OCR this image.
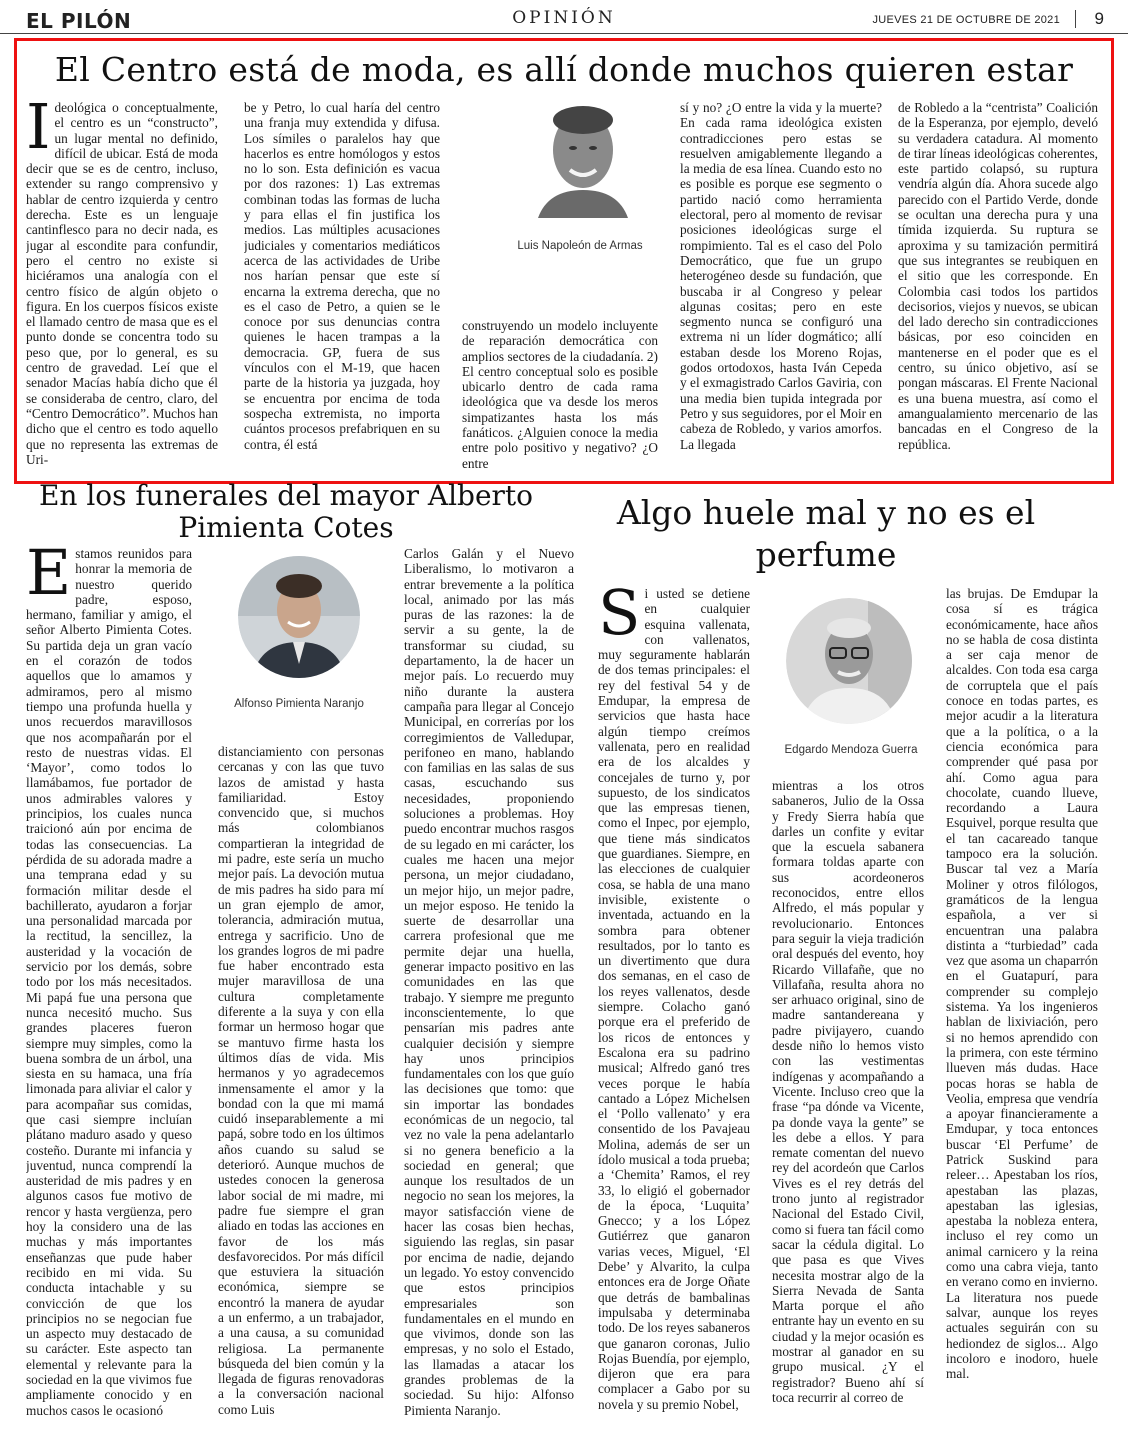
EL PILÓN	OPINIÓN	JUEVES 21 DE OCTUBRE DE 2021 9
El Centro está de moda, es allí donde muchos quieren estar
I deológica o conceptualmente, el centro es un “constructo”, un lugar mental no definido, difícil de ubicar. Está de moda decir que se es de centro, incluso, extender su rango comprensivo y hablar de centro izquierda y centro derecha. Este es un lenguaje cantinflesco para no decir nada, es jugar al escondite para confundir, pero el centro no existe si hiciéramos una analogía con el centro físico de algún objeto o figura. En los cuerpos físicos existe el llamado centro de masa que es el punto donde se concentra todo su peso que, por lo general, es su centro de gravedad. Leí que el senador Macías había dicho que él se consideraba de centro, claro, del “Centro Democrático”. Muchos han dicho que el centro es todo aquello que no representa las extremas de Uri-

be y Petro, lo cual haría del centro una franja muy extendida y difusa. Los símiles o paralelos hay que hacerlos es entre homólogos y estos no lo son. Esta definición es vacua por dos razones: 1) Las extremas combinan todas las formas de lucha y para ellas el fin justifica los medios. Las múltiples acusaciones judiciales y comentarios mediáticos acerca de las actividades de Uribe nos harían pensar que este sí encarna la extrema derecha, que no es el caso de Petro, a quien se le conoce por sus denuncias contra quienes le hacen trampas a la democracia. GP, fuera de sus vínculos con el M-19, que hacen parte de la historia ya juzgada, hoy se encuentra por encima de toda sospecha extremista, no importa cuántos procesos prefabriquen en su contra, él está

Luis Napoleón de Armas

construyendo un modelo incluyente de reparación democrática con amplios sectores de la ciudadanía. 2) El centro conceptual solo es posible ubicarlo dentro de cada rama ideológica que va desde los meros simpatizantes hasta los más fanáticos. ¿Alguien conoce la media entre polo positivo y negativo? ¿O entre

sí y no? ¿O entre la vida y la muerte? En cada rama ideológica existen contradicciones pero estas se resuelven amigablemente llegando a la media de esa línea. Cuando esto no es posible es porque ese segmento o partido nació como herramienta electoral, pero al momento de revisar posiciones ideológicas surge el rompimiento. Tal es el caso del Polo Democrático, que fue un grupo heterogéneo desde su fundación, que buscaba ir al Congreso y pelear algunas cositas; pero en este segmento nunca se configuró una extrema ni un líder dogmático; allí estaban desde los Moreno Rojas, godos ortodoxos, hasta Iván Cepeda y el exmagistrado Carlos Gaviria, con una media bien tupida integrada por Petro y sus seguidores, por el Moir en cabeza de Robledo, y varios amorfos. La llegada

de Robledo a la “centrista” Coalición de la Esperanza, por ejemplo, develó su verdadera catadura. Al momento de tirar líneas ideológicas coherentes, este partido colapsó, su ruptura vendría algún día. Ahora sucede algo parecido con el Partido Verde, donde se ocultan una derecha pura y una tímida izquierda. Su ruptura se aproxima y su tamización permitirá que sus integrantes se reubiquen en el sitio que les corresponde. En Colombia casi todos los partidos decisorios, viejos y nuevos, se ubican del lado derecho sin contradicciones básicas, por eso coinciden en mantenerse en el poder que es el centro, su único objetivo, así se pongan máscaras. El Frente Nacional es una buena muestra, así como el amangualamiento mercenario de las bancadas en el Congreso de la república.

En los funerales del mayor Alberto Pimienta Cotes
E stamos reunidos para honrar la memoria de nuestro querido padre, esposo, hermano, familiar y amigo, el señor Alberto Pimienta Cotes. Su partida deja un gran vacío en el corazón de todos aquellos que lo amamos y admiramos, pero al mismo tiempo una profunda huella y unos recuerdos maravillosos que nos acompañarán por el resto de nuestras vidas. El ‘Mayor’, como todos lo llamábamos, fue portador de unos admirables valores y principios, los cuales nunca traicionó aún por encima de todas las consecuencias. La pérdida de su adorada madre a una temprana edad y su formación militar desde el bachillerato, ayudaron a forjar una personalidad marcada por la rectitud, la sencillez, la austeridad y la vocación de servicio por los demás, sobre todo por los más necesitados. Mi papá fue una persona que nunca necesitó mucho. Sus grandes placeres fueron siempre muy simples, como la buena sombra de un árbol, una siesta en su hamaca, una fría limonada para aliviar el calor y para acompañar sus comidas, que casi siempre incluían plátano maduro asado y queso costeño. Durante mi infancia y juventud, nunca comprendí la austeridad de mis padres y en algunos casos fue motivo de rencor y hasta vergüenza, pero hoy la considero una de las muchas y más importantes enseñanzas que pude haber recibido en mi vida. Su conducta intachable y su convicción de que los principios no se negocian fue un aspecto muy destacado de su carácter. Este aspecto tan elemental y relevante para la sociedad en la que vivimos fue ampliamente conocido y en muchos casos le ocasionó

Alfonso Pimienta Naranjo

distanciamiento con personas cercanas y con las que tuvo lazos de amistad y hasta familiaridad. Estoy convencido que, si muchos más colombianos compartieran la integridad de mi padre, este sería un mucho mejor país. La devoción mutua de mis padres ha sido para mí un gran ejemplo de amor, tolerancia, admiración mutua, entrega y sacrificio. Uno de los grandes logros de mi padre fue haber encontrado esta mujer maravillosa de una cultura completamente diferente a la suya y con ella formar un hermoso hogar que se mantuvo firme hasta los últimos días de vida. Mis hermanos y yo agradecemos inmensamente el amor y la bondad con la que mi mamá cuidó inseparablemente a mi papá, sobre todo en los últimos años cuando su salud se deterioró. Aunque muchos de ustedes conocen la generosa labor social de mi madre, mi padre fue siempre el gran aliado en todas las acciones en favor de los más desfavorecidos. Por más difícil que estuviera la situación económica, siempre se encontró la manera de ayudar a un enfermo, a un trabajador, a una causa, a su comunidad religiosa. La permanente búsqueda del bien común y la llegada de figuras renovadoras a la conversación nacional como Luis

Carlos Galán y el Nuevo Liberalismo, lo motivaron a entrar brevemente a la política local, animado por las más puras de las razones: la de servir a su gente, la de transformar su ciudad, su departamento, la de hacer un mejor país. Lo recuerdo muy niño durante la austera campaña para llegar al Concejo Municipal, en correrías por los corregimientos de Valledupar, perifoneo en mano, hablando con familias en las salas de sus casas, escuchando sus necesidades, proponiendo soluciones a problemas. Hoy puedo encontrar muchos rasgos de su legado en mi carácter, los cuales me hacen una mejor persona, un mejor ciudadano, un mejor hijo, un mejor padre, un mejor esposo. He tenido la suerte de desarrollar una carrera profesional que me permite dejar una huella, generar impacto positivo en las comunidades en las que trabajo. Y siempre me pregunto inconscientemente, lo que pensarían mis padres ante cualquier decisión y siempre hay unos principios fundamentales con los que guío las decisiones que tomo: que sin importar las bondades económicas de un negocio, tal vez no vale la pena adelantarlo si no genera beneficio a la sociedad en general; que aunque los resultados de un negocio no sean los mejores, la mayor satisfacción viene de hacer las cosas bien hechas, siguiendo las reglas, sin pasar por encima de nadie, dejando un legado. Yo estoy convencido que estos principios empresariales son fundamentales en el mundo en que vivimos, donde son las empresas, y no solo el Estado, las llamadas a atacar los grandes problemas de la sociedad. Su hijo: Alfonso Pimienta Naranjo.

Algo huele mal y no es el perfume
S i usted se detiene en cualquier esquina vallenata, con vallenatos, muy seguramente hablarán de dos temas principales: el rey del festival 54 y de Emdupar, la empresa de servicios que hasta hace algún tiempo creímos vallenata, pero en realidad era de los alcaldes y concejales de turno y, por supuesto, de los sindicatos que las empresas tienen, como el Inpec, por ejemplo, que tiene más sindicatos que guardianes. Siempre, en las elecciones de cualquier cosa, se habla de una mano invisible, existente o inventada, actuando en la sombra para obtener resultados, por lo tanto es un divertimento que dura dos semanas, en el caso de los reyes vallenatos, desde siempre. Colacho ganó porque era el preferido de los ricos de entonces y Escalona era su padrino musical; Alfredo ganó tres veces porque le había cantado a López Michelsen el ‘Pollo vallenato’ y era consentido de los Pavajeau Molina, además de ser un ídolo musical a toda prueba; a ‘Chemita’ Ramos, el rey 33, lo eligió el gobernador de la época, ‘Luquita’ Gnecco; y a los López Gutiérrez que ganaron varias veces, Miguel, ‘El Debe’ y Alvarito, la culpa entonces era de Jorge Oñate que detrás de bambalinas impulsaba y determinaba todo. De los reyes sabaneros que ganaron coronas, Julio Rojas Buendía, por ejemplo, dijeron que era para complacer a Gabo por su novela y su premio Nobel,

Edgardo Mendoza Guerra

mientras a los otros sabaneros, Julio de la Ossa y Fredy Sierra había que darles un confite y evitar que la escuela sabanera formara toldas aparte con sus acordeoneros reconocidos, entre ellos Alfredo, el más popular y revolucionario. Entonces para seguir la vieja tradición oral después del evento, hoy Ricardo Villafañe, que no Villafaña, resulta ahora no ser arhuaco original, sino de madre santandereana y padre pivijayero, cuando desde niño lo hemos visto con las vestimentas indígenas y acompañando a Vicente. Incluso creo que la frase “pa dónde va Vicente, pa donde vaya la gente” se les debe a ellos. Y para remate comentan del nuevo rey del acordeón que Carlos Vives es el rey detrás del trono junto al registrador Nacional del Estado Civil, como si fuera tan fácil como sacar la cédula digital. Lo que pasa es que Vives necesita mostrar algo de la Sierra Nevada de Santa Marta porque el año entrante hay un evento en su ciudad y la mejor ocasión es mostrar al ganador en su grupo musical. ¿Y el registrador? Bueno ahí sí toca recurrir al correo de

las brujas. De Emdupar la cosa sí es trágica económicamente, hace años no se habla de cosa distinta a ser caja menor de alcaldes. Con toda esa carga de corruptela que el país conoce en todas partes, es mejor acudir a la literatura que a la política, o a la ciencia económica para comprender qué pasa por ahí. Como agua para chocolate, cuando llueve, recordando a Laura Esquivel, porque resulta que el tan cacareado tanque tampoco era la solución. Buscar tal vez a María Moliner y otros filólogos, gramáticos de la lengua española, a ver si encuentran una palabra distinta a “turbiedad” cada vez que asoma un chaparrón en el Guatapurí, para comprender su complejo sistema. Ya los ingenieros hablan de lixiviación, pero si no hemos aprendido con la primera, con este término llueven más dudas. Hace pocas horas se habla de Veolia, empresa que vendría a apoyar financieramente a Emdupar, y toca entonces buscar ‘El Perfume’ de Patrick Suskind para releer… Apestaban los ríos, apestaban las plazas, apestaban las iglesias, apestaba la nobleza entera, incluso el rey como un animal carnicero y la reina como una cabra vieja, tanto en verano como en invierno. La literatura nos puede salvar, aunque los reyes actuales seguirán con su hediondez de siglos... Algo incoloro e inodoro, huele mal.
